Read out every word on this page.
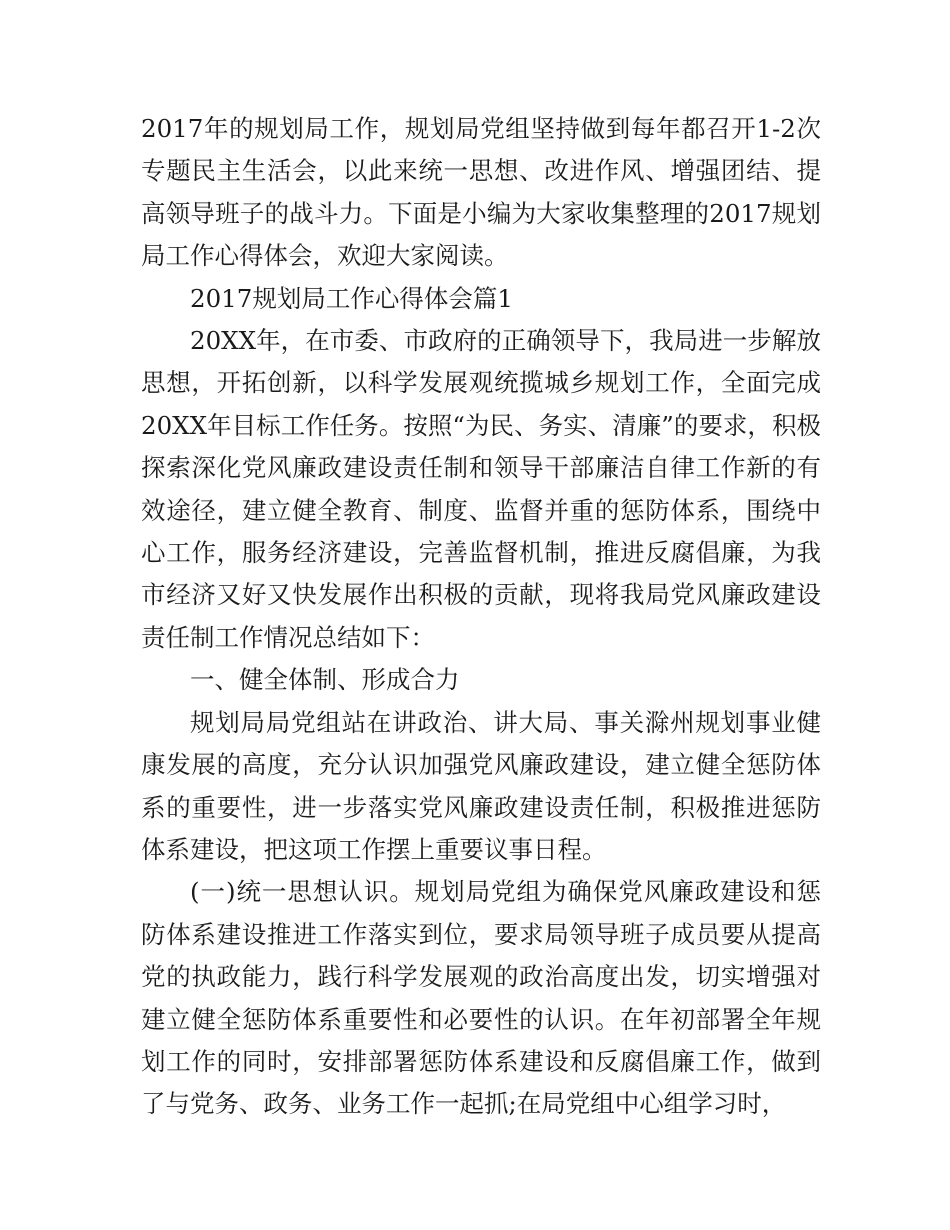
2017年的规划局工作，规划局党组坚持做到每年都召开1-2次专题民主生活会，以此来统一思想、改进作风、增强团结、提高领导班子的战斗力。下面是小编为大家收集整理的2017规划局工作心得体会，欢迎大家阅读。

2017规划局工作心得体会篇1

20XX年，在市委、市政府的正确领导下，我局进一步解放思想，开拓创新，以科学发展观统揽城乡规划工作，全面完成20XX年目标工作任务。按照“为民、务实、清廉”的要求，积极探索深化党风廉政建设责任制和领导干部廉洁自律工作新的有效途径，建立健全教育、制度、监督并重的惩防体系，围绕中心工作，服务经济建设，完善监督机制，推进反腐倡廉，为我市经济又好又快发展作出积极的贡献，现将我局党风廉政建设责任制工作情况总结如下：

一、健全体制、形成合力

规划局局党组站在讲政治、讲大局、事关滁州规划事业健康发展的高度，充分认识加强党风廉政建设，建立健全惩防体系的重要性，进一步落实党风廉政建设责任制，积极推进惩防体系建设，把这项工作摆上重要议事日程。

(一)统一思想认识。规划局党组为确保党风廉政建设和惩防体系建设推进工作落实到位，要求局领导班子成员要从提高党的执政能力，践行科学发展观的政治高度出发，切实增强对建立健全惩防体系重要性和必要性的认识。在年初部署全年规划工作的同时，安排部署惩防体系建设和反腐倡廉工作，做到了与党务、政务、业务工作一起抓;在局党组中心组学习时，
